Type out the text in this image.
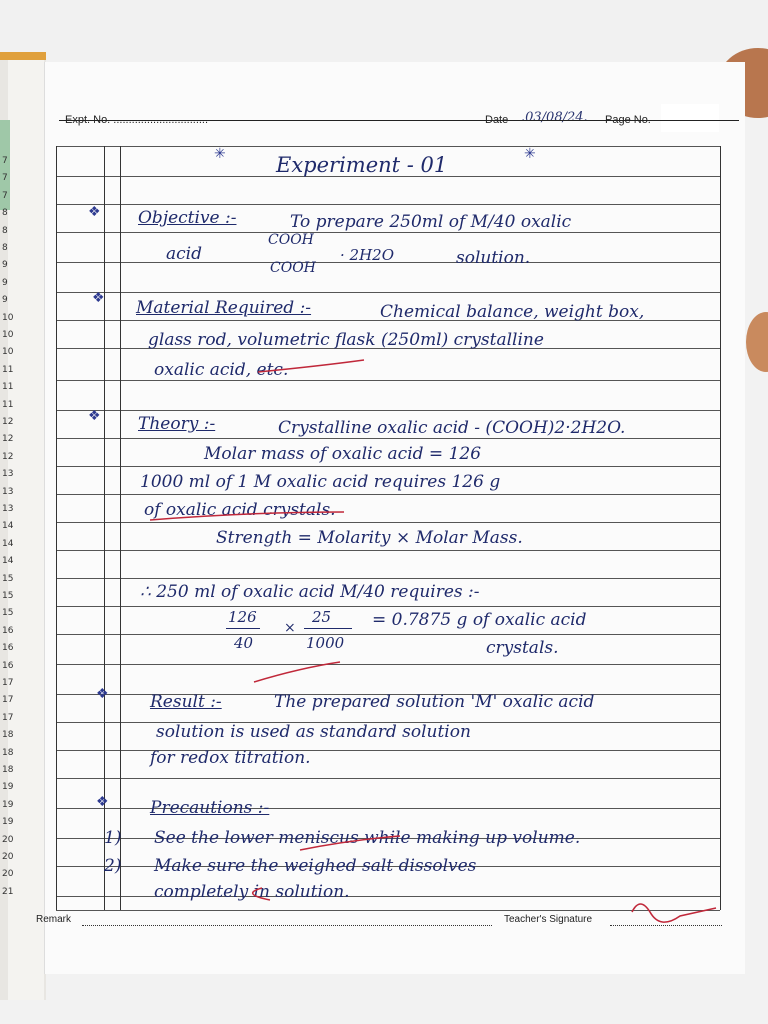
7
7
7
8
8
8
9
9
9
10
10
10
11
11
11
12
12
12
13
13
13
14
14
14
15
15
15
16
16
16
17
17
17
18
18
18
19
19
19
20
20
20
21
Expt. No. ...............................	Date .03/08/24. Page No.
✳ Experiment - 01	✳
❖ Objective :-	To prepare 250ml of M/40 oxalic
acid
COOH
· 2H2O	solution.
COOH
❖ Material Required :-	Chemical balance, weight box,
glass rod, volumetric flask (250ml) crystalline
oxalic acid, etc.
❖ Theory :-	Crystalline oxalic acid - (COOH)2·2H2O.
Molar mass of oxalic acid = 126
1000 ml of 1 M oxalic acid requires 126 g
of oxalic acid crystals.
Strength = Molarity × Molar Mass.
∴ 250 ml of oxalic acid M/40 requires :-
126
40
×
25
1000
= 0.7875 g of oxalic acid
crystals.
❖ Result :-	The prepared solution 'M' oxalic acid
solution is used as standard solution
for redox titration.
❖ Precautions :-
1) See the lower meniscus while making up volume.
2) Make sure the weighed salt dissolves
completely in solution.
Remark	Teacher's Signature
